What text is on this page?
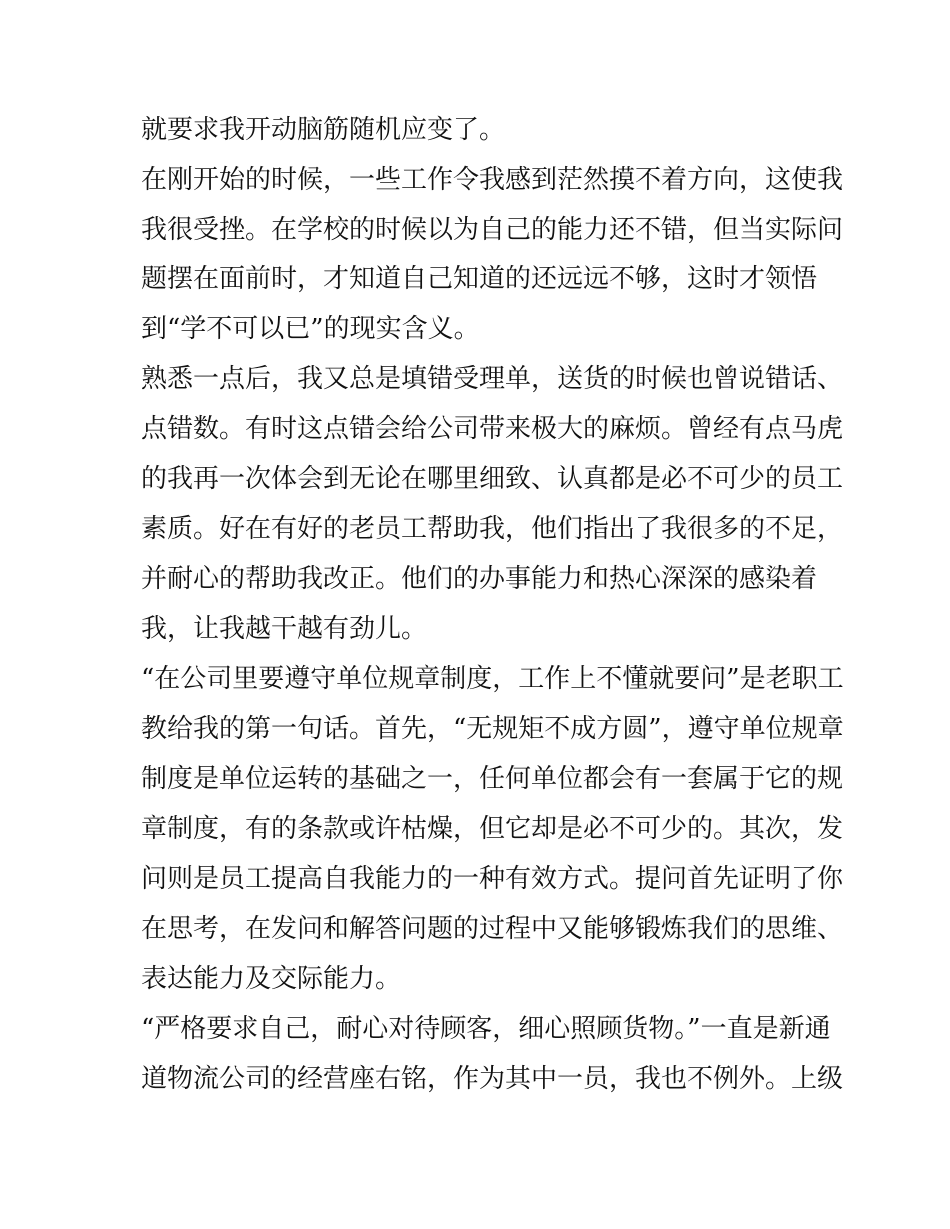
就要求我开动脑筋随机应变了。

在刚开始的时候，一些工作令我感到茫然摸不着方向，这使我

我很受挫。在学校的时候以为自己的能力还不错，但当实际问

题摆在面前时，才知道自己知道的还远远不够，这时才领悟

到“学不可以已”的现实含义。

熟悉一点后，我又总是填错受理单，送货的时候也曾说错话、

点错数。有时这点错会给公司带来极大的麻烦。曾经有点马虎

的我再一次体会到无论在哪里细致、认真都是必不可少的员工

素质。好在有好的老员工帮助我，他们指出了我很多的不足，

并耐心的帮助我改正。他们的办事能力和热心深深的感染着

我，让我越干越有劲儿。

“在公司里要遵守单位规章制度，工作上不懂就要问”是老职工

教给我的第一句话。首先，“无规矩不成方圆”，遵守单位规章

制度是单位运转的基础之一，任何单位都会有一套属于它的规

章制度，有的条款或许枯燥，但它却是必不可少的。其次，发

问则是员工提高自我能力的一种有效方式。提问首先证明了你

在思考，在发问和解答问题的过程中又能够锻炼我们的思维、

表达能力及交际能力。

“严格要求自己，耐心对待顾客，细心照顾货物。”一直是新通

道物流公司的经营座右铭，作为其中一员，我也不例外。上级
